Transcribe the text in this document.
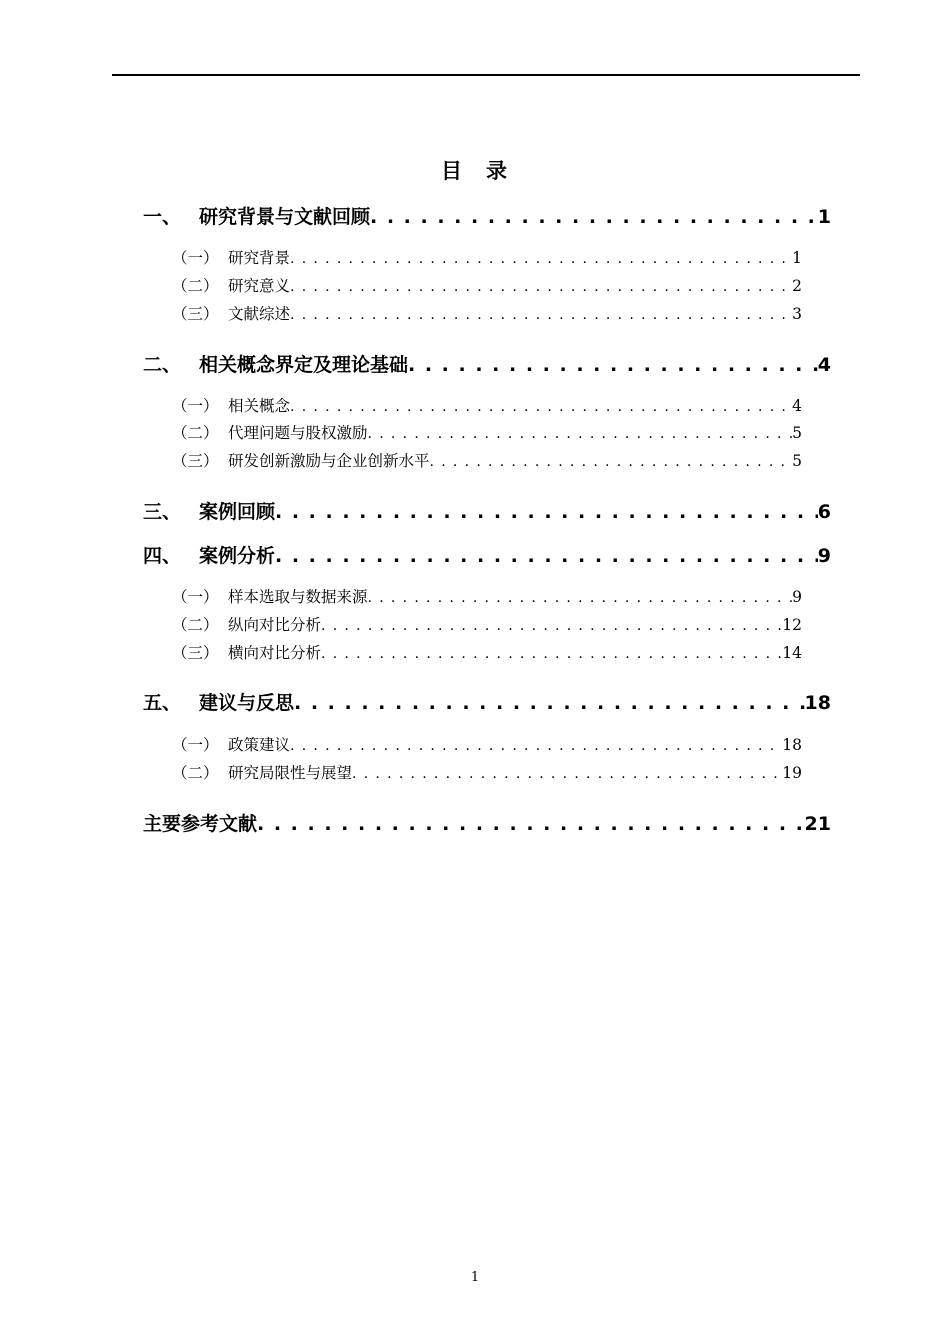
目 录
一、 研究背景与文献回顾 . . .	1
（一） 研究背景 . . .	1
（二） 研究意义 . . .	2
（三） 文献综述 . . .	3
二、 相关概念界定及理论基础 . . .	4
（一） 相关概念 . . .	4
（二） 代理问题与股权激励 . . .	5
（三） 研发创新激励与企业创新水平 . . .	5
三、 案例回顾 . . .	6
四、 案例分析 . . .	9
（一） 样本选取与数据来源 . . .	9
（二） 纵向对比分析 . . .	12
（三） 横向对比分析 . . .	14
五、 建议与反思 . . .	18
（一） 政策建议 . . .	18
（二） 研究局限性与展望 . . .	19
主要参考文献 . . .	21
1
